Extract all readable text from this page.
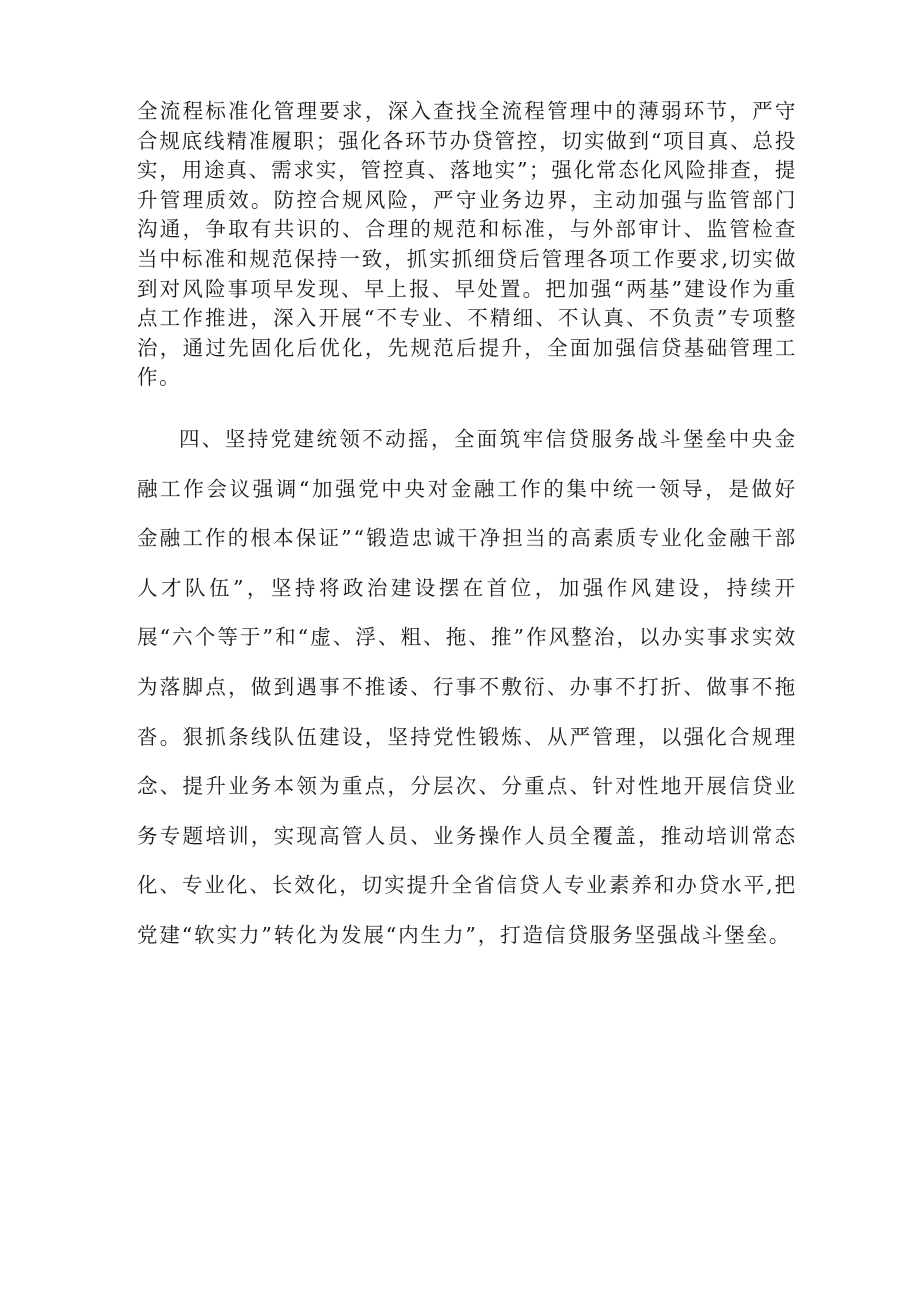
全流程标准化管理要求，深入查找全流程管理中的薄弱环节，严守合规底线精准履职；强化各环节办贷管控，切实做到“项目真、总投实，用途真、需求实，管控真、落地实”；强化常态化风险排查，提升管理质效。防控合规风险，严守业务边界，主动加强与监管部门沟通，争取有共识的、合理的规范和标准，与外部审计、监管检查当中标准和规范保持一致，抓实抓细贷后管理各项工作要求,切实做到对风险事项早发现、早上报、早处置。把加强“两基”建设作为重点工作推进，深入开展“不专业、不精细、不认真、不负责”专项整治，通过先固化后优化，先规范后提升，全面加强信贷基础管理工作。

四、坚持党建统领不动摇，全面筑牢信贷服务战斗堡垒中央金融工作会议强调“加强党中央对金融工作的集中统一领导，是做好金融工作的根本保证”“锻造忠诚干净担当的高素质专业化金融干部人才队伍”，坚持将政治建设摆在首位，加强作风建设，持续开展“六个等于”和“虚、浮、粗、拖、推”作风整治，以办实事求实效为落脚点，做到遇事不推诿、行事不敷衍、办事不打折、做事不拖沓。狠抓条线队伍建设，坚持党性锻炼、从严管理，以强化合规理念、提升业务本领为重点，分层次、分重点、针对性地开展信贷业务专题培训，实现高管人员、业务操作人员全覆盖，推动培训常态化、专业化、长效化，切实提升全省信贷人专业素养和办贷水平,把党建“软实力”转化为发展“内生力”，打造信贷服务坚强战斗堡垒。
